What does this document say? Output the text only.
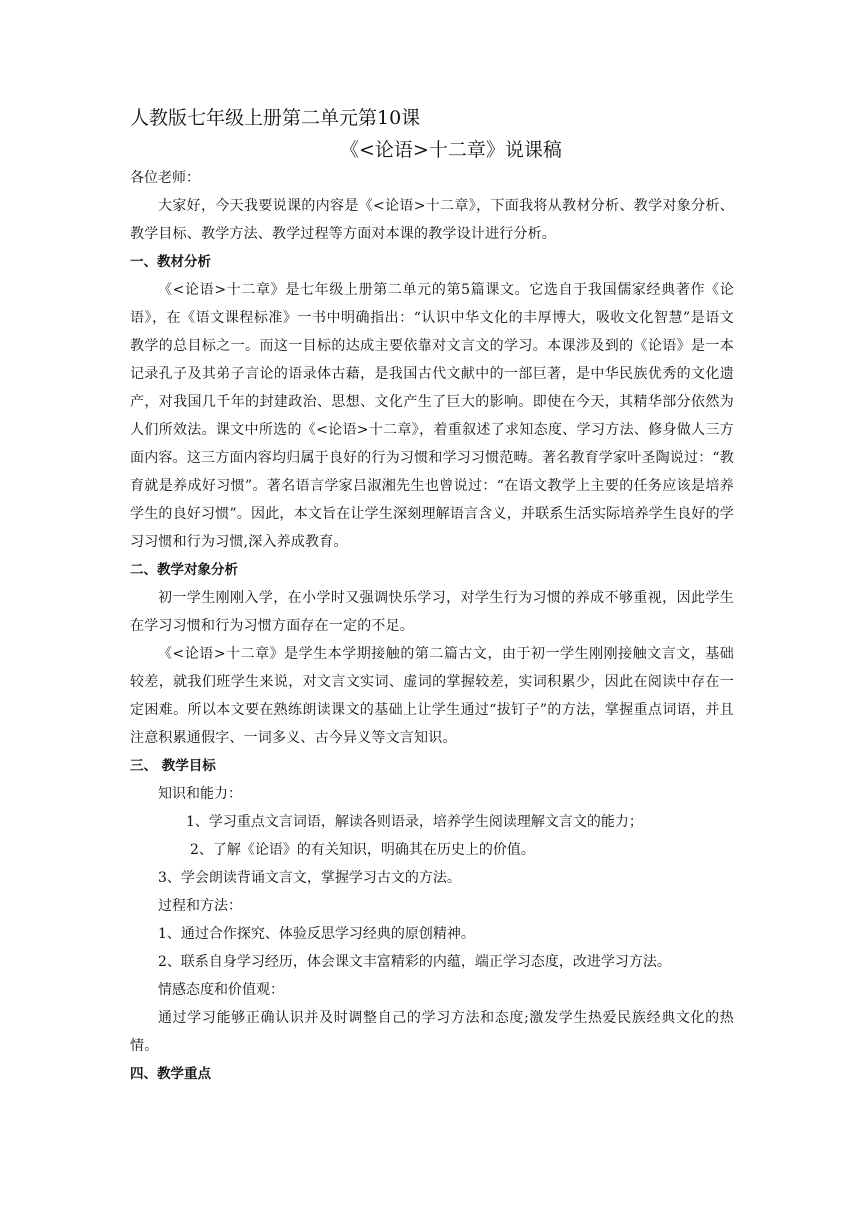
人教版七年级上册第二单元第10课

《<论语>十二章》说课稿

各位老师：

大家好，今天我要说课的内容是《<论语>十二章》，下面我将从教材分析、教学对象分析、教学目标、教学方法、教学过程等方面对本课的教学设计进行分析。

一、教材分析

《<论语>十二章》是七年级上册第二单元的第5篇课文。它选自于我国儒家经典著作《论语》，在《语文课程标准》一书中明确指出：“认识中华文化的丰厚博大，吸收文化智慧”是语文教学的总目标之一。而这一目标的达成主要依靠对文言文的学习。本课涉及到的《论语》是一本记录孔子及其弟子言论的语录体古藉，是我国古代文献中的一部巨著，是中华民族优秀的文化遗产，对我国几千年的封建政治、思想、文化产生了巨大的影响。即使在今天，其精华部分依然为人们所效法。课文中所选的《<论语>十二章》，着重叙述了求知态度、学习方法、修身做人三方面内容。这三方面内容均归属于良好的行为习惯和学习习惯范畴。著名教育学家叶圣陶说过：“教育就是养成好习惯”。著名语言学家吕淑湘先生也曾说过：“在语文教学上主要的任务应该是培养学生的良好习惯”。因此，本文旨在让学生深刻理解语言含义，并联系生活实际培养学生良好的学习习惯和行为习惯,深入养成教育。

二、教学对象分析

初一学生刚刚入学，在小学时又强调快乐学习，对学生行为习惯的养成不够重视，因此学生在学习习惯和行为习惯方面存在一定的不足。

《<论语>十二章》是学生本学期接触的第二篇古文，由于初一学生刚刚接触文言文，基础较差，就我们班学生来说，对文言文实词、虚词的掌握较差，实词积累少，因此在阅读中存在一定困难。所以本文要在熟练朗读课文的基础上让学生通过“拔钉子”的方法，掌握重点词语，并且注意积累通假字、一词多义、古今异义等文言知识。

三、 教学目标

知识和能力：

1、学习重点文言词语，解读各则语录，培养学生阅读理解文言文的能力；

2、了解《论语》的有关知识，明确其在历史上的价值。

3、学会朗读背诵文言文，掌握学习古文的方法。

过程和方法：

1、通过合作探究、体验反思学习经典的原创精神。

2、联系自身学习经历，体会课文丰富精彩的内蕴，端正学习态度，改进学习方法。

情感态度和价值观：

通过学习能够正确认识并及时调整自己的学习方法和态度;激发学生热爱民族经典文化的热情。

四、教学重点
